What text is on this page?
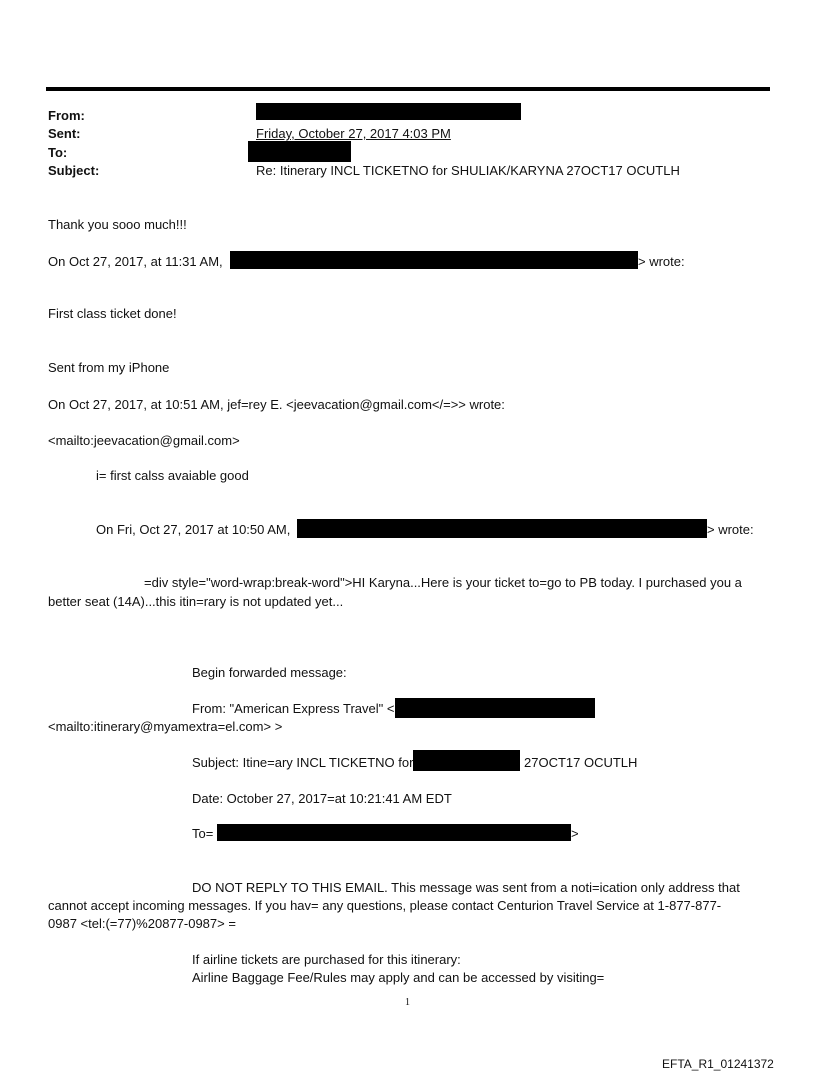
From:
Sent:	Friday, October 27, 2017 4:03 PM
To:
Subject:	Re: Itinerary INCL TICKETNO for SHULIAK/KARYNA 27OCT17 OCUTLH
Thank you sooo much!!!
On Oct 27, 2017, at 11:31 AM,	> wrote:
First class ticket done!
Sent from my iPhone
On Oct 27, 2017, at 10:51 AM, jef=rey E. <jeevacation@gmail.com</=>> wrote:
<mailto:jeevacation@gmail.com>
i= first calss avaiable good
On Fri, Oct 27, 2017 at 10:50 AM,	> wrote:
=div style="word-wrap:break-word">HI Karyna...Here is your ticket to=go to PB today. I purchased you a
better seat (14A)...this itin=rary is not updated yet...
Begin forwarded message:
From: "American Express Travel" <
<mailto:itinerary@myamextra=el.com> >
Subject: Itine=ary INCL TICKETNO for	27OCT17 OCUTLH
Date: October 27, 2017=at 10:21:41 AM EDT
To=	>
DO NOT REPLY TO THIS EMAIL. This message was sent from a noti=ication only address that
cannot accept incoming messages. If you hav= any questions, please contact Centurion Travel Service at 1-877-877-
0987 <tel:(=77)%20877-0987> =
If airline tickets are purchased for this itinerary:
Airline Baggage Fee/Rules may apply and can be accessed by visiting=
1
EFTA_R1_01241372
